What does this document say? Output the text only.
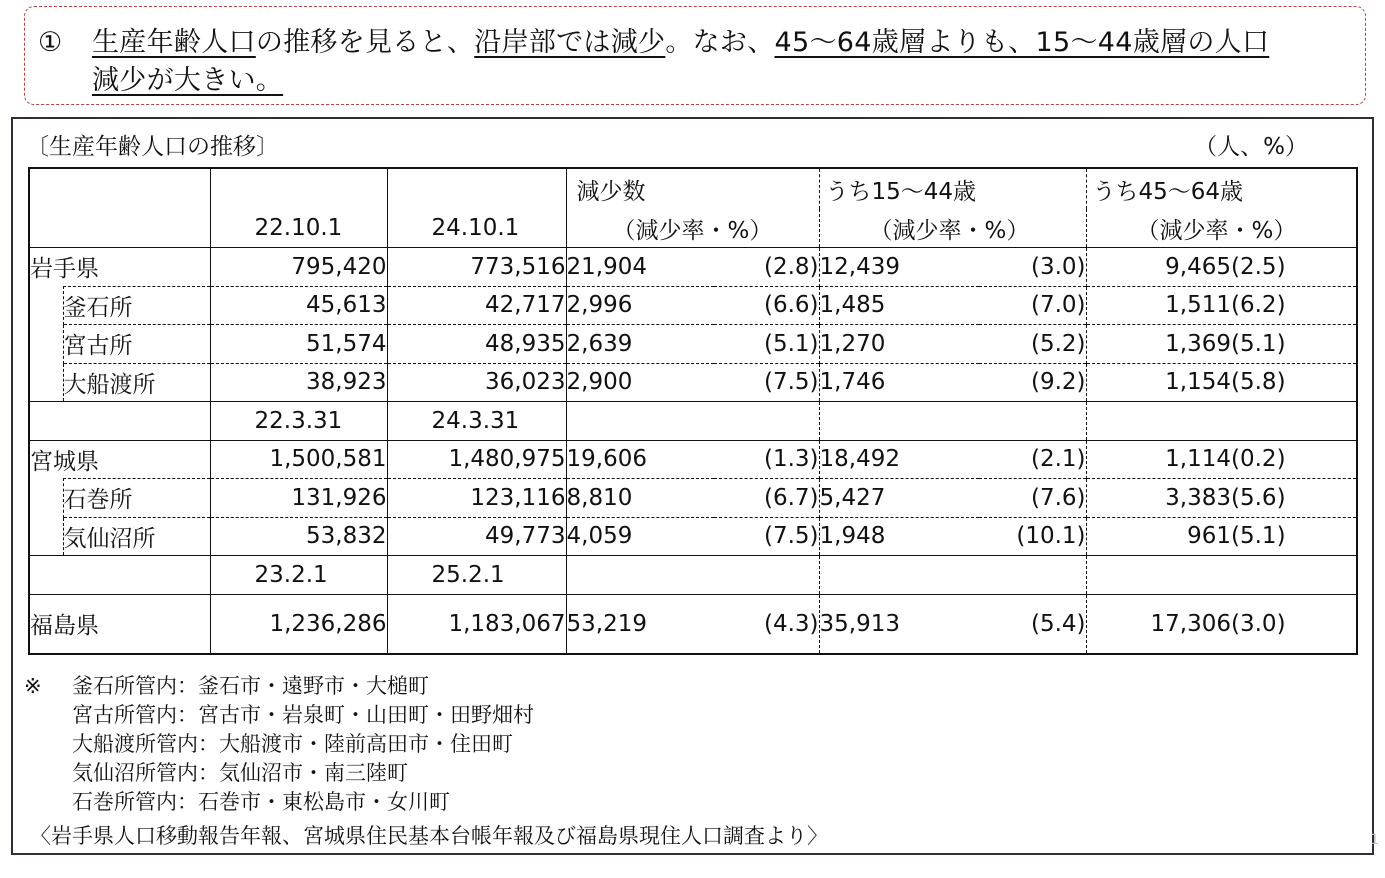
① 生産年齢人口の推移を見ると、沿岸部では減少。なお、45～64歳層よりも、15～44歳層の人口
減少が大きい。
〔生産年齢人口の推移〕	（人、%）
				減少数		うち15～44歳		うち45～64歳	
		22.10.1	24.10.1	（減少率・%）		（減少率・%）		（減少率・%）	
岩手県		795,420	773,516	21,904	(2.8)	12,439	(3.0)	9,465	(2.5)
	釜石所	45,613	42,717	2,996	(6.6)	1,485	(7.0)	1,511	(6.2)
	宮古所	51,574	48,935	2,639	(5.1)	1,270	(5.2)	1,369	(5.1)
	大船渡所	38,923	36,023	2,900	(7.5)	1,746	(9.2)	1,154	(5.8)
		22.3.31	24.3.31						
宮城県		1,500,581	1,480,975	19,606	(1.3)	18,492	(2.1)	1,114	(0.2)
	石巻所	131,926	123,116	8,810	(6.7)	5,427	(7.6)	3,383	(5.6)
	気仙沼所	53,832	49,773	4,059	(7.5)	1,948	(10.1)	961	(5.1)
		23.2.1	25.2.1						
福島県		1,236,286	1,183,067	53,219	(4.3)	35,913	(5.4)	17,306	(3.0)
※ 釜石所管内：釜石市・遠野市・大槌町
宮古所管内：宮古市・岩泉町・山田町・田野畑村
大船渡所管内：大船渡市・陸前高田市・住田町
気仙沼所管内：気仙沼市・南三陸町
石巻所管内：石巻市・東松島市・女川町
〈岩手県人口移動報告年報、宮城県住民基本台帳年報及び福島県現住人口調査より〉	1
